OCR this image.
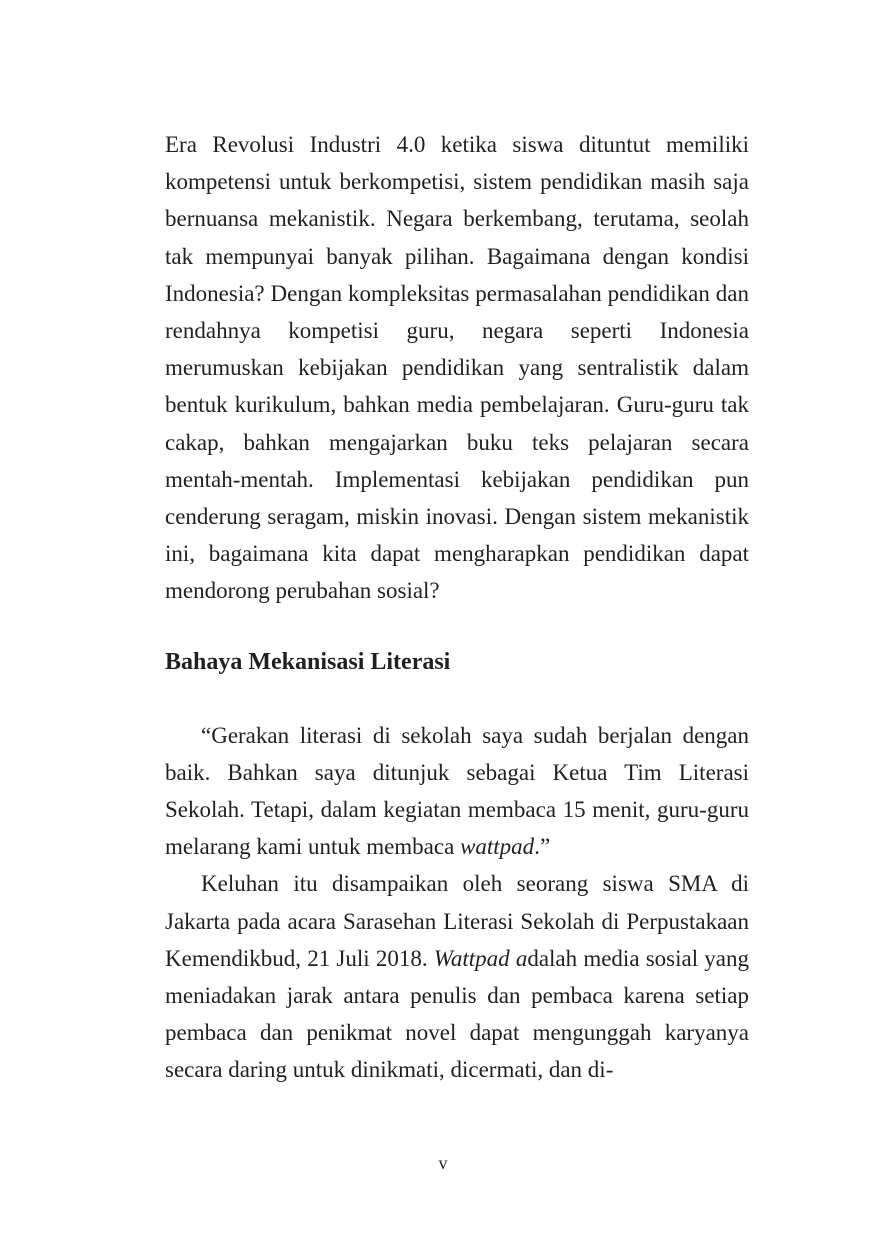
Era Revolusi Industri 4.0 ketika siswa dituntut memiliki kompetensi untuk berkompetisi, sistem pendidikan masih saja bernuansa mekanistik. Negara berkembang, terutama, seolah tak mempunyai banyak pilihan. Bagaimana dengan kondisi Indonesia? Dengan kompleksitas permasalahan pendidikan dan rendahnya kompetisi guru, negara seperti Indonesia merumuskan kebijakan pendidikan yang sentralistik dalam bentuk kurikulum, bahkan media pembelajaran. Guru-guru tak cakap, bahkan mengajarkan buku teks pelajaran secara mentah-mentah. Implementasi kebijakan pendidikan pun cenderung seragam, miskin inovasi. Dengan sistem mekanistik ini, bagaimana kita dapat mengharapkan pendidikan dapat mendorong perubahan sosial?

Bahaya Mekanisasi Literasi

“Gerakan literasi di sekolah saya sudah berjalan dengan baik. Bahkan saya ditunjuk sebagai Ketua Tim Literasi Sekolah. Tetapi, dalam kegiatan membaca 15 menit, guru-guru melarang kami untuk membaca wattpad.”

Keluhan itu disampaikan oleh seorang siswa SMA di Jakarta pada acara Sarasehan Literasi Sekolah di Perpustakaan Kemendikbud, 21 Juli 2018. Wattpad adalah media sosial yang meniadakan jarak antara penulis dan pembaca karena setiap pembaca dan penikmat novel dapat mengunggah karyanya secara daring untuk dinikmati, dicermati, dan di-

v
